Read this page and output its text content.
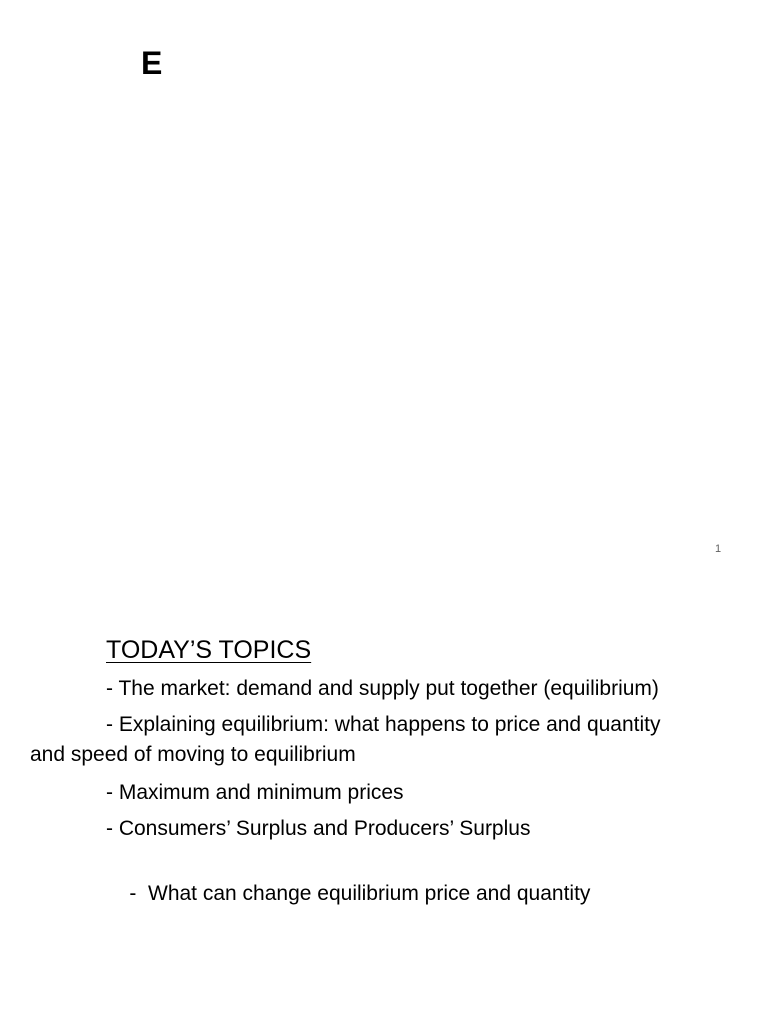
E
1
TODAY’S TOPICS
- The market: demand and supply put together (equilibrium)
- Explaining equilibrium: what happens to price and quantity
and speed of moving to equilibrium
- Maximum and minimum prices
- Consumers’ Surplus and Producers’ Surplus

-  What can change equilibrium price and quantity
